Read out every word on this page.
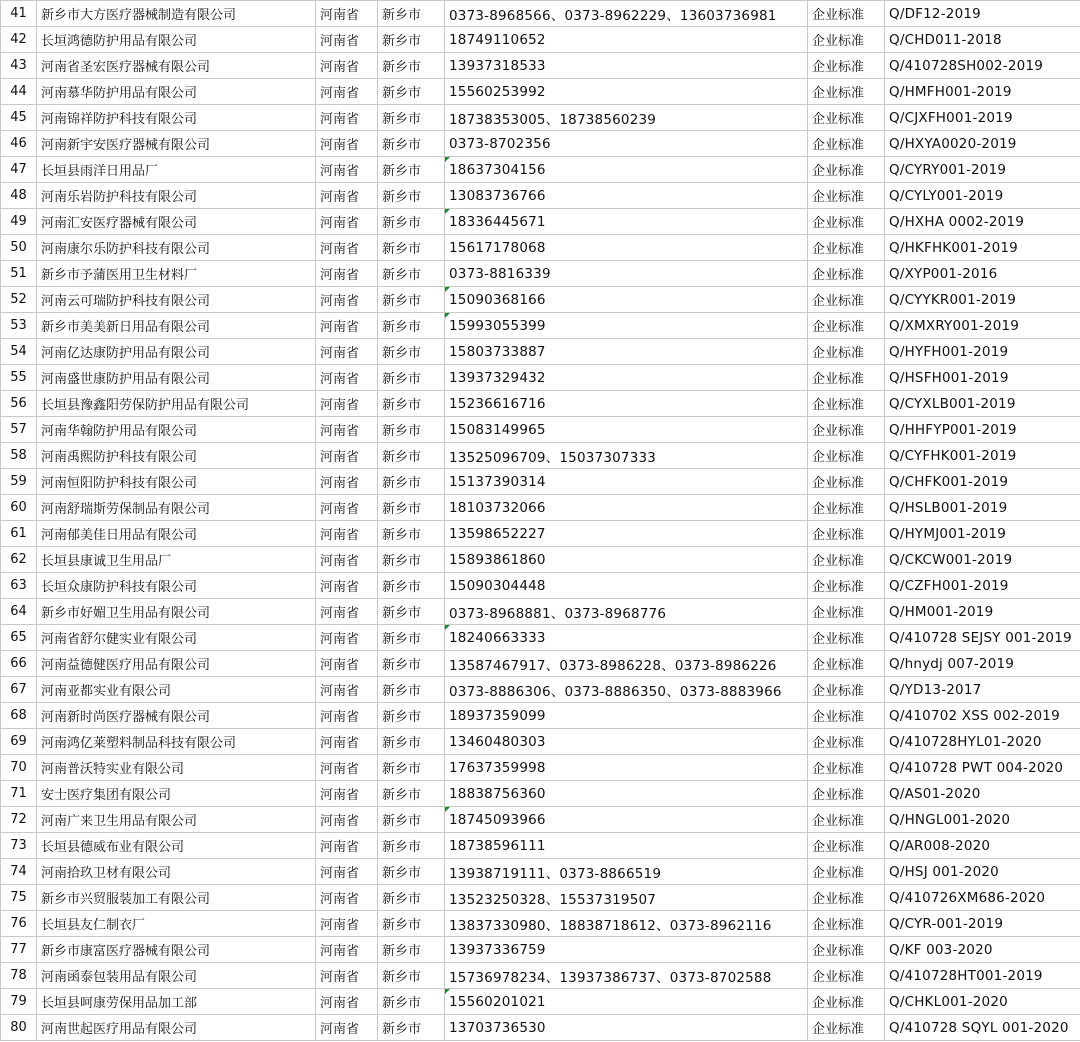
41	新乡市大方医疗器械制造有限公司	河南省	新乡市	0373-8968566、0373-8962229、13603736981	企业标准	Q/DF12-2019
42	长垣鸿德防护用品有限公司	河南省	新乡市	18749110652	企业标准	Q/CHD011-2018
43	河南省圣宏医疗器械有限公司	河南省	新乡市	13937318533	企业标准	Q/410728SH002-2019
44	河南慕华防护用品有限公司	河南省	新乡市	15560253992	企业标准	Q/HMFH001-2019
45	河南锦祥防护科技有限公司	河南省	新乡市	18738353005、18738560239	企业标准	Q/CJXFH001-2019
46	河南新宇安医疗器械有限公司	河南省	新乡市	0373-8702356	企业标准	Q/HXYA0020-2019
47	长垣县雨洋日用品厂	河南省	新乡市	18637304156	企业标准	Q/CYRY001-2019
48	河南乐岩防护科技有限公司	河南省	新乡市	13083736766	企业标准	Q/CYLY001-2019
49	河南汇安医疗器械有限公司	河南省	新乡市	18336445671	企业标准	Q/HXHA 0002-2019
50	河南康尔乐防护科技有限公司	河南省	新乡市	15617178068	企业标准	Q/HKFHK001-2019
51	新乡市予蒲医用卫生材料厂	河南省	新乡市	0373-8816339	企业标准	Q/XYP001-2016
52	河南云可瑞防护科技有限公司	河南省	新乡市	15090368166	企业标准	Q/CYYKR001-2019
53	新乡市美美新日用品有限公司	河南省	新乡市	15993055399	企业标准	Q/XMXRY001-2019
54	河南亿达康防护用品有限公司	河南省	新乡市	15803733887	企业标准	Q/HYFH001-2019
55	河南盛世康防护用品有限公司	河南省	新乡市	13937329432	企业标准	Q/HSFH001-2019
56	长垣县豫鑫阳劳保防护用品有限公司	河南省	新乡市	15236616716	企业标准	Q/CYXLB001-2019
57	河南华翰防护用品有限公司	河南省	新乡市	15083149965	企业标准	Q/HHFYP001-2019
58	河南禹熙防护科技有限公司	河南省	新乡市	13525096709、15037307333	企业标准	Q/CYFHK001-2019
59	河南恒阳防护科技有限公司	河南省	新乡市	15137390314	企业标准	Q/CHFK001-2019
60	河南舒瑞斯劳保制品有限公司	河南省	新乡市	18103732066	企业标准	Q/HSLB001-2019
61	河南郁美佳日用品有限公司	河南省	新乡市	13598652227	企业标准	Q/HYMJ001-2019
62	长垣县康诚卫生用品厂	河南省	新乡市	15893861860	企业标准	Q/CKCW001-2019
63	长垣众康防护科技有限公司	河南省	新乡市	15090304448	企业标准	Q/CZFH001-2019
64	新乡市好媚卫生用品有限公司	河南省	新乡市	0373-8968881、0373-8968776	企业标准	Q/HM001-2019
65	河南省舒尔健实业有限公司	河南省	新乡市	18240663333	企业标准	Q/410728 SEJSY 001-2019
66	河南益德健医疗用品有限公司	河南省	新乡市	13587467917、0373-8986228、0373-8986226	企业标准	Q/hnydj 007-2019
67	河南亚都实业有限公司	河南省	新乡市	0373-8886306、0373-8886350、0373-8883966	企业标准	Q/YD13-2017
68	河南新时尚医疗器械有限公司	河南省	新乡市	18937359099	企业标准	Q/410702 XSS 002-2019
69	河南鸿亿莱塑料制品科技有限公司	河南省	新乡市	13460480303	企业标准	Q/410728HYL01-2020
70	河南普沃特实业有限公司	河南省	新乡市	17637359998	企业标准	Q/410728 PWT 004-2020
71	安士医疗集团有限公司	河南省	新乡市	18838756360	企业标准	Q/AS01-2020
72	河南广来卫生用品有限公司	河南省	新乡市	18745093966	企业标准	Q/HNGL001-2020
73	长垣县德威布业有限公司	河南省	新乡市	18738596111	企业标准	Q/AR008-2020
74	河南拾玖卫材有限公司	河南省	新乡市	13938719111、0373-8866519	企业标准	Q/HSJ 001-2020
75	新乡市兴贸服装加工有限公司	河南省	新乡市	13523250328、15537319507	企业标准	Q/410726XM686-2020
76	长垣县友仁制衣厂	河南省	新乡市	13837330980、18838718612、0373-8962116	企业标准	Q/CYR-001-2019
77	新乡市康富医疗器械有限公司	河南省	新乡市	13937336759	企业标准	Q/KF 003-2020
78	河南函泰包装用品有限公司	河南省	新乡市	15736978234、13937386737、0373-8702588	企业标准	Q/410728HT001-2019
79	长垣县呵康劳保用品加工部	河南省	新乡市	15560201021	企业标准	Q/CHKL001-2020
80	河南世起医疗用品有限公司	河南省	新乡市	13703736530	企业标准	Q/410728 SQYL 001-2020
